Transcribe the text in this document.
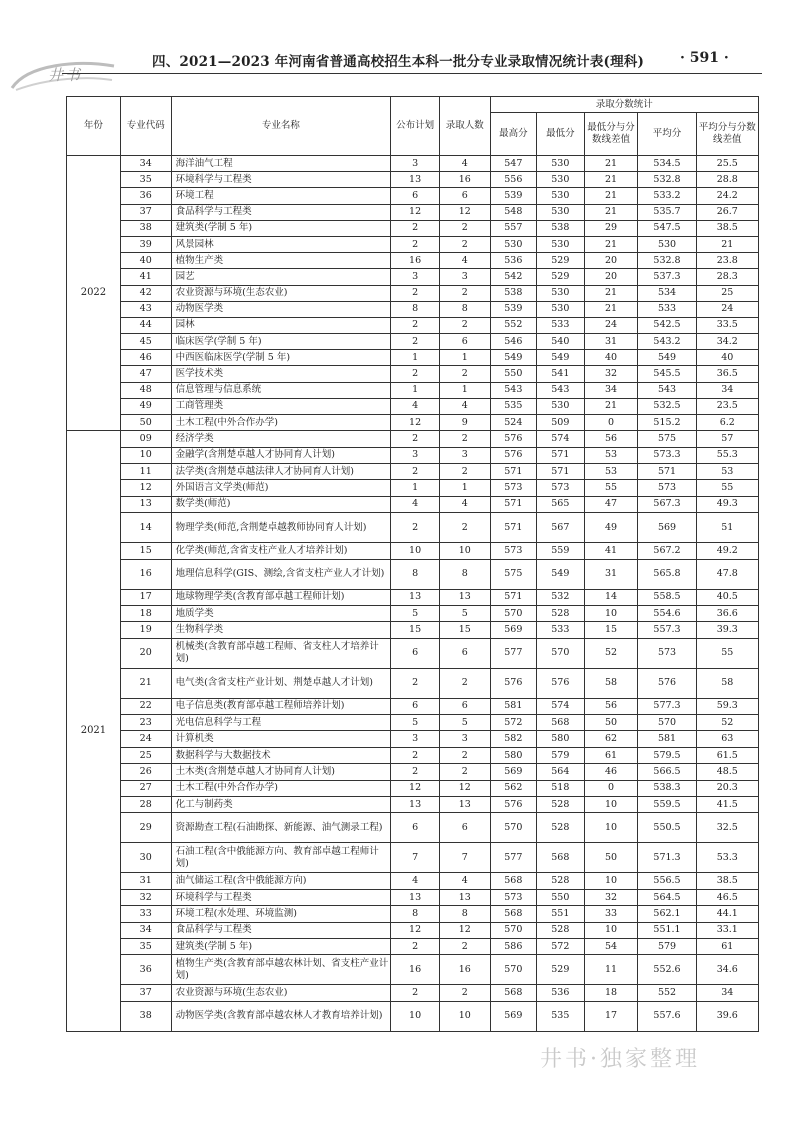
井书
四、2021—2023 年河南省普通高校招生本科一批分专业录取情况统计表(理科)	· 591 ·
年份	专业代码	专业名称	公布计划	录取人数	录取分数统计				
					最高分	最低分	最低分与分数线差值	平均分	平均分与分数线差值
2022	34	海洋油气工程	3	4	547	530	21	534.5	25.5
	35	环境科学与工程类	13	16	556	530	21	532.8	28.8
	36	环境工程	6	6	539	530	21	533.2	24.2
	37	食品科学与工程类	12	12	548	530	21	535.7	26.7
	38	建筑类(学制 5 年)	2	2	557	538	29	547.5	38.5
	39	风景园林	2	2	530	530	21	530	21
	40	植物生产类	16	4	536	529	20	532.8	23.8
	41	园艺	3	3	542	529	20	537.3	28.3
	42	农业资源与环境(生态农业)	2	2	538	530	21	534	25
	43	动物医学类	8	8	539	530	21	533	24
	44	园林	2	2	552	533	24	542.5	33.5
	45	临床医学(学制 5 年)	2	6	546	540	31	543.2	34.2
	46	中西医临床医学(学制 5 年)	1	1	549	549	40	549	40
	47	医学技术类	2	2	550	541	32	545.5	36.5
	48	信息管理与信息系统	1	1	543	543	34	543	34
	49	工商管理类	4	4	535	530	21	532.5	23.5
	50	土木工程(中外合作办学)	12	9	524	509	0	515.2	6.2
2021	09	经济学类	2	2	576	574	56	575	57
	10	金融学(含荆楚卓越人才协同育人计划)	3	3	576	571	53	573.3	55.3
	11	法学类(含荆楚卓越法律人才协同育人计划)	2	2	571	571	53	571	53
	12	外国语言文学类(师范)	1	1	573	573	55	573	55
	13	数学类(师范)	4	4	571	565	47	567.3	49.3
	14	物理学类(师范,含荆楚卓越教师协同育人计划)	2	2	571	567	49	569	51
	15	化学类(师范,含省支柱产业人才培养计划)	10	10	573	559	41	567.2	49.2
	16	地理信息科学(GIS、测绘,含省支柱产业人才计划)	8	8	575	549	31	565.8	47.8
	17	地球物理学类(含教育部卓越工程师计划)	13	13	571	532	14	558.5	40.5
	18	地质学类	5	5	570	528	10	554.6	36.6
	19	生物科学类	15	15	569	533	15	557.3	39.3
	20	机械类(含教育部卓越工程师、省支柱人才培养计划)	6	6	577	570	52	573	55
	21	电气类(含省支柱产业计划、荆楚卓越人才计划)	2	2	576	576	58	576	58
	22	电子信息类(教育部卓越工程师培养计划)	6	6	581	574	56	577.3	59.3
	23	光电信息科学与工程	5	5	572	568	50	570	52
	24	计算机类	3	3	582	580	62	581	63
	25	数据科学与大数据技术	2	2	580	579	61	579.5	61.5
	26	土木类(含荆楚卓越人才协同育人计划)	2	2	569	564	46	566.5	48.5
	27	土木工程(中外合作办学)	12	12	562	518	0	538.3	20.3
	28	化工与制药类	13	13	576	528	10	559.5	41.5
	29	资源勘查工程(石油勘探、新能源、油气测录工程)	6	6	570	528	10	550.5	32.5
	30	石油工程(含中俄能源方向、教育部卓越工程师计划)	7	7	577	568	50	571.3	53.3
	31	油气储运工程(含中俄能源方向)	4	4	568	528	10	556.5	38.5
	32	环境科学与工程类	13	13	573	550	32	564.5	46.5
	33	环境工程(水处理、环境监测)	8	8	568	551	33	562.1	44.1
	34	食品科学与工程类	12	12	570	528	10	551.1	33.1
	35	建筑类(学制 5 年)	2	2	586	572	54	579	61
	36	植物生产类(含教育部卓越农林计划、省支柱产业计划)	16	16	570	529	11	552.6	34.6
	37	农业资源与环境(生态农业)	2	2	568	536	18	552	34
	38	动物医学类(含教育部卓越农林人才教育培养计划)	10	10	569	535	17	557.6	39.6
井书·独家整理
